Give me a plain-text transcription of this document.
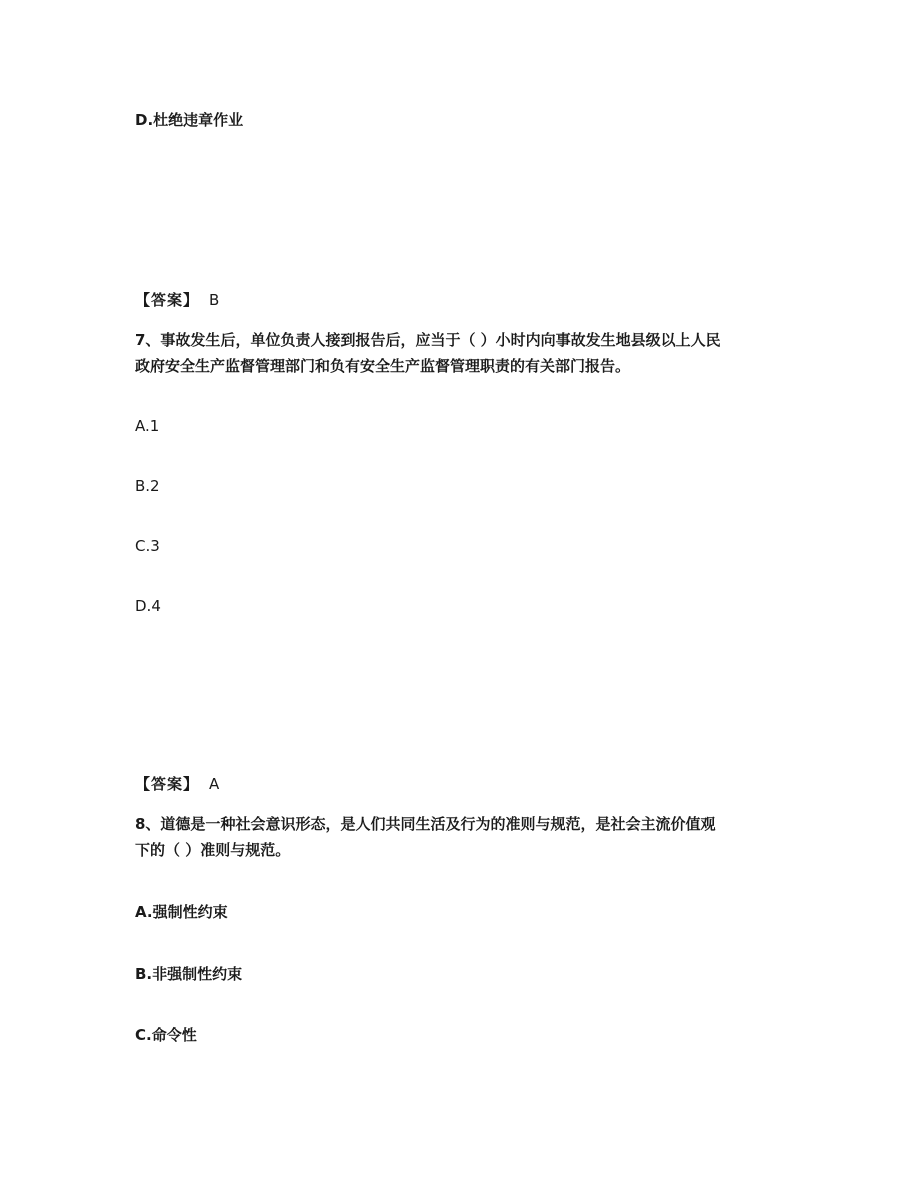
D.杜绝违章作业
【答案】 B
7、事故发生后，单位负责人接到报告后，应当于（ ）小时内向事故发生地县级以上人民
政府安全生产监督管理部门和负有安全生产监督管理职责的有关部门报告。
A.1
B.2
C.3
D.4
【答案】 A
8、道德是一种社会意识形态，是人们共同生活及行为的准则与规范，是社会主流价值观
下的（ ）准则与规范。
A.强制性约束
B.非强制性约束
C.命令性
